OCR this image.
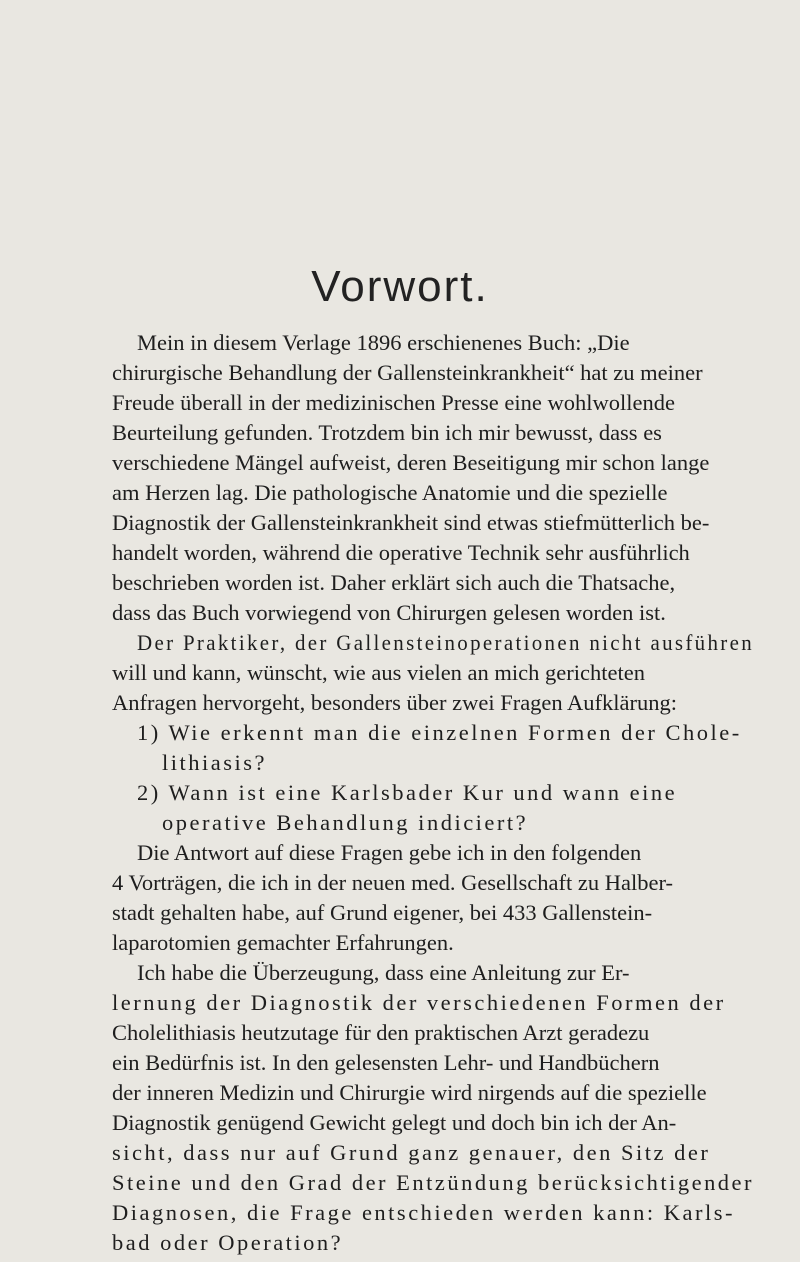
Vorwort.
Mein in diesem Verlage 1896 erschienenes Buch: „Die
chirurgische Behandlung der Gallensteinkrankheit“ hat zu meiner
Freude überall in der medizinischen Presse eine wohlwollende
Beurteilung gefunden. Trotzdem bin ich mir bewusst, dass es
verschiedene Mängel aufweist, deren Beseitigung mir schon lange
am Herzen lag. Die pathologische Anatomie und die spezielle
Diagnostik der Gallensteinkrankheit sind etwas stiefmütterlich be-
handelt worden, während die operative Technik sehr ausführlich
beschrieben worden ist. Daher erklärt sich auch die Thatsache,
dass das Buch vorwiegend von Chirurgen gelesen worden ist.
Der Praktiker, der Gallensteinoperationen nicht ausführen
will und kann, wünscht, wie aus vielen an mich gerichteten
Anfragen hervorgeht, besonders über zwei Fragen Aufklärung:
1) Wie erkennt man die einzelnen Formen der Chole-
lithiasis?
2) Wann ist eine Karlsbader Kur und wann eine
operative Behandlung indiciert?
Die Antwort auf diese Fragen gebe ich in den folgenden
4 Vorträgen, die ich in der neuen med. Gesellschaft zu Halber-
stadt gehalten habe, auf Grund eigener, bei 433 Gallenstein-
laparotomien gemachter Erfahrungen.
Ich habe die Überzeugung, dass eine Anleitung zur Er-
lernung der Diagnostik der verschiedenen Formen der
Cholelithiasis heutzutage für den praktischen Arzt geradezu
ein Bedürfnis ist. In den gelesensten Lehr- und Handbüchern
der inneren Medizin und Chirurgie wird nirgends auf die spezielle
Diagnostik genügend Gewicht gelegt und doch bin ich der An-
sicht, dass nur auf Grund ganz genauer, den Sitz der
Steine und den Grad der Entzündung berücksichtigender
Diagnosen, die Frage entschieden werden kann: Karls-
bad oder Operation?
